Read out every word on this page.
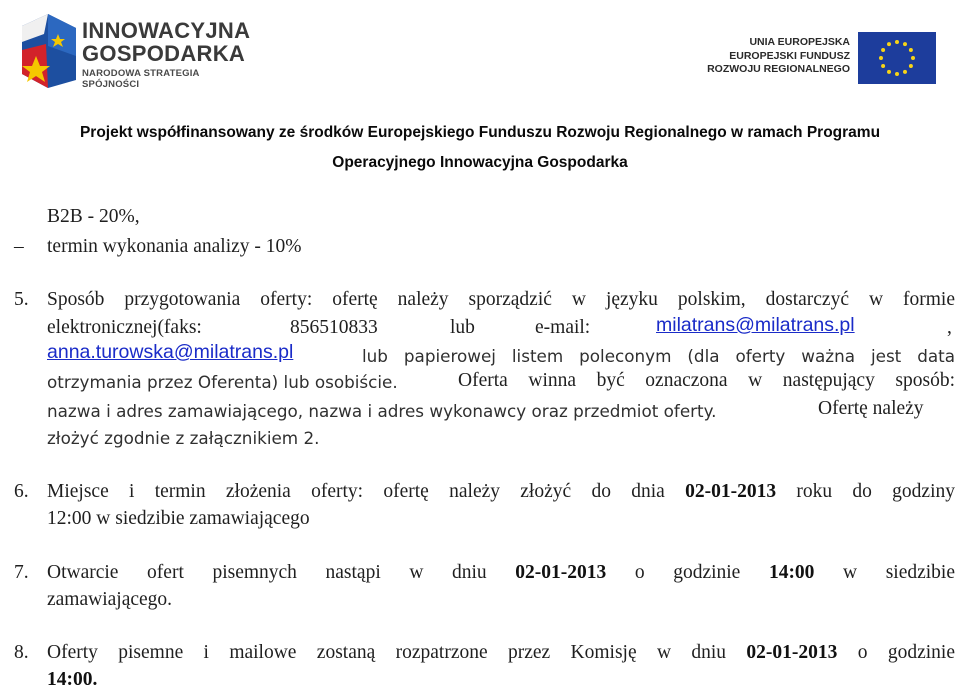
INNOWACYJNA
GOSPODARKA
NARODOWA STRATEGIA SPÓJNOŚCI
UNIA EUROPEJSKA
EUROPEJSKI FUNDUSZ
ROZWOJU REGIONALNEGO
Projekt współfinansowany ze środków Europejskiego Funduszu Rozwoju Regionalnego w ramach Programu
Operacyjnego Innowacyjna Gospodarka
B2B - 20%,
– termin wykonania analizy - 10%
5. Sposób przygotowania oferty: ofertę należy sporządzić w języku polskim, dostarczyć w formie
elektronicznej(faks:	856510833	lub	e-mail:	milatrans@milatrans.pl	,
anna.turowska@milatrans.pl	lub papierowej listem poleconym (dla oferty ważna jest data
otrzymania przez Oferenta) lub osobiście.	Oferta winna być oznaczona w następujący sposób:
nazwa i adres zamawiającego, nazwa i adres wykonawcy oraz przedmiot oferty.	Ofertę należy
złożyć zgodnie z załącznikiem 2.
6. Miejsce i termin złożenia oferty: ofertę należy złożyć do dnia 02-01-2013 roku do godziny
12:00 w siedzibie zamawiającego
7. Otwarcie ofert pisemnych nastąpi w dniu 02-01-2013 o godzinie 14:00 w siedzibie
zamawiającego.
8. Oferty pisemne i mailowe zostaną rozpatrzone przez Komisję w dniu 02-01-2013 o godzinie
14:00.
